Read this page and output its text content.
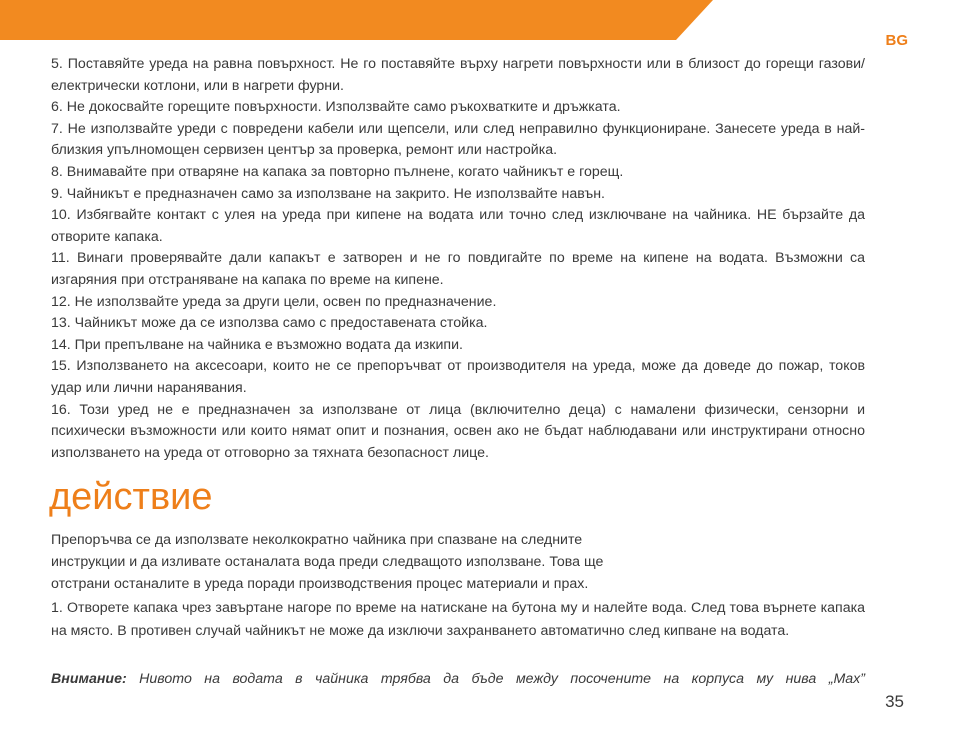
BG

5. Поставяйте уреда на равна повърхност. Не го поставяйте върху нагрети повърхности или в близост до горещи газови/електрически котлони, или в нагрети фурни.

6. Не докосвайте горещите повърхности. Използвайте само ръкохватките и дръжката.

7. Не използвайте уреди с повредени кабели или щепсели, или след неправилно функциониране. Занесете уреда в най-близкия упълномощен сервизен център за проверка, ремонт или настройка.

8. Внимавайте при отваряне на капака за повторно пълнене, когато чайникът е горещ.

9. Чайникът е предназначен само за използване на закрито. Не използвайте навън.

10. Избягвайте контакт с улея на уреда при кипене на водата или точно след изключване на чайника. НЕ бързайте да отворите капака.

11. Винаги проверявайте дали капакът е затворен и не го повдигайте по време на кипене на водата. Възможни са изгаряния при отстраняване на капака по време на кипене.

12. Не използвайте уреда за други цели, освен по предназначение.

13. Чайникът може да се използва само с предоставената стойка.

14. При препълване на чайника е възможно водата да изкипи.

15. Използването на аксесоари, които не се препоръчват от производителя на уреда, може да доведе до пожар, токов удар или лични наранявания.

16. Този уред не е предназначен за използване от лица (включително деца) с намалени физически, сензорни и психически възможности или които нямат опит и познания, освен ако не бъдат наблюдавани или инструктирани относно използването на уреда от отговорно за тяхната безопасност лице.

действие
Препоръчва се да използвате неколкократно чайника при спазване на следните
инструкции и да изливате останалата вода преди следващото използване. Това ще
отстрани останалите в уреда поради производствения процес материали и прах.

1. Отворете капака чрез завъртане нагоре по време на натискане на бутона му и налейте вода. След това върнете капака на място. В противен случай чайникът не може да изключи захранването автоматично след кипване на водата.

Внимание: Нивото на водата в чайника трябва да бъде между посочените на корпуса му нива „Max”

35
